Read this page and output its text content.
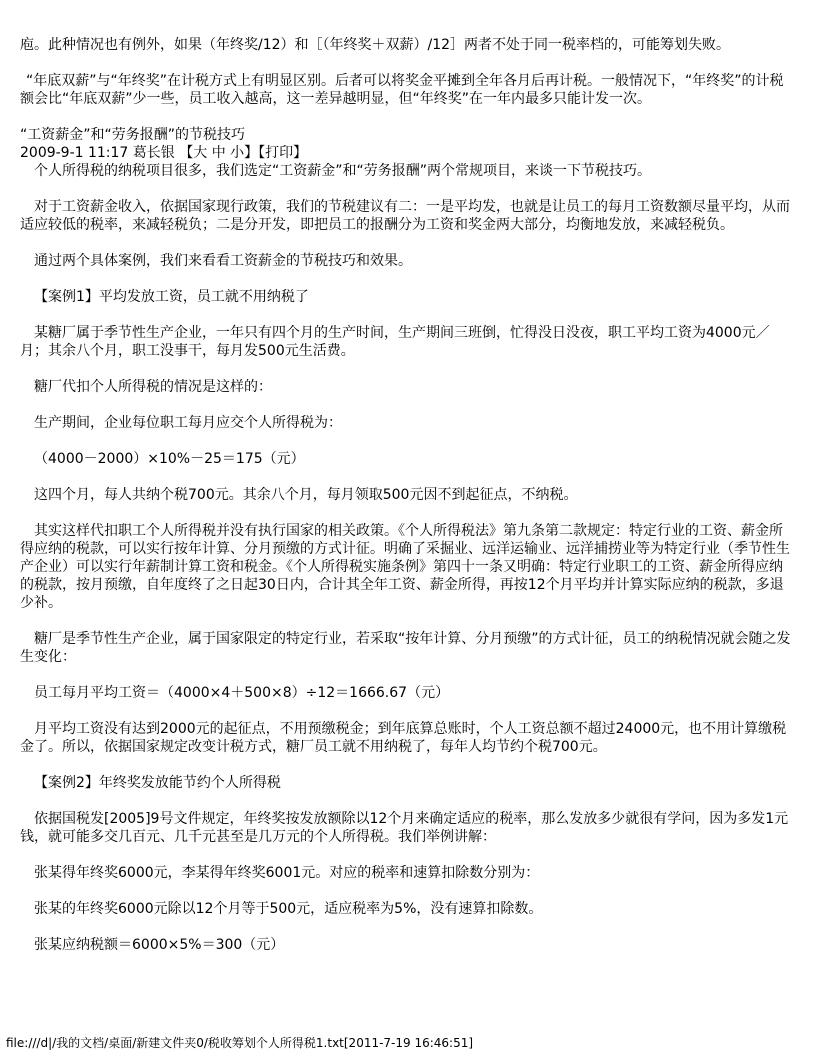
庖。此种情况也有例外，如果（年终奖/12）和［（年终奖＋双薪）/12］两者不处于同一税率档的，可能筹划失败。

“年底双薪”与“年终奖”在计税方式上有明显区别。后者可以将奖金平摊到全年各月后再计税。一般情况下，“年终奖”的计税额会比“年底双薪”少一些，员工收入越高，这一差异越明显，但“年终奖”在一年内最多只能计发一次。

“工资薪金”和“劳务报酬”的节税技巧

2009-9-1 11:17 葛长银 【大 中 小】【打印】

个人所得税的纳税项目很多，我们选定“工资薪金”和“劳务报酬”两个常规项目，来谈一下节税技巧。

对于工资薪金收入，依据国家现行政策，我们的节税建议有二：一是平均发，也就是让员工的每月工资数额尽量平均，从而适应较低的税率，来减轻税负；二是分开发，即把员工的报酬分为工资和奖金两大部分，均衡地发放，来减轻税负。

通过两个具体案例，我们来看看工资薪金的节税技巧和效果。

【案例1】平均发放工资，员工就不用纳税了

某糖厂属于季节性生产企业，一年只有四个月的生产时间，生产期间三班倒，忙得没日没夜，职工平均工资为4000元／月；其余八个月，职工没事干，每月发500元生活费。

糖厂代扣个人所得税的情况是这样的：

生产期间，企业每位职工每月应交个人所得税为：

（4000－2000）×10%－25＝175（元）

这四个月，每人共纳个税700元。其余八个月，每月领取500元因不到起征点，不纳税。

其实这样代扣职工个人所得税并没有执行国家的相关政策。《个人所得税法》第九条第二款规定：特定行业的工资、薪金所得应纳的税款，可以实行按年计算、分月预缴的方式计征。明确了采掘业、远洋运输业、远洋捕捞业等为特定行业（季节性生产企业）可以实行年薪制计算工资和税金。《个人所得税实施条例》第四十一条又明确：特定行业职工的工资、薪金所得应纳的税款，按月预缴，自年度终了之日起30日内，合计其全年工资、薪金所得，再按12个月平均并计算实际应纳的税款，多退少补。

糖厂是季节性生产企业，属于国家限定的特定行业，若采取“按年计算、分月预缴”的方式计征，员工的纳税情况就会随之发生变化：

员工每月平均工资＝（4000×4＋500×8）÷12＝1666.67（元）

月平均工资没有达到2000元的起征点，不用预缴税金；到年底算总账时，个人工资总额不超过24000元，也不用计算缴税金了。所以，依据国家规定改变计税方式，糖厂员工就不用纳税了，每年人均节约个税700元。

【案例2】年终奖发放能节约个人所得税

依据国税发[2005]9号文件规定，年终奖按发放额除以12个月来确定适应的税率，那么发放多少就很有学问，因为多发1元钱，就可能多交几百元、几千元甚至是几万元的个人所得税。我们举例讲解：

张某得年终奖6000元，李某得年终奖6001元。对应的税率和速算扣除数分别为：

张某的年终奖6000元除以12个月等于500元，适应税率为5%，没有速算扣除数。

张某应纳税额＝6000×5%＝300（元）

file:///d|/我的文档/桌面/新建文件夹0/税收筹划个人所得税1.txt[2011-7-19 16:46:51]
